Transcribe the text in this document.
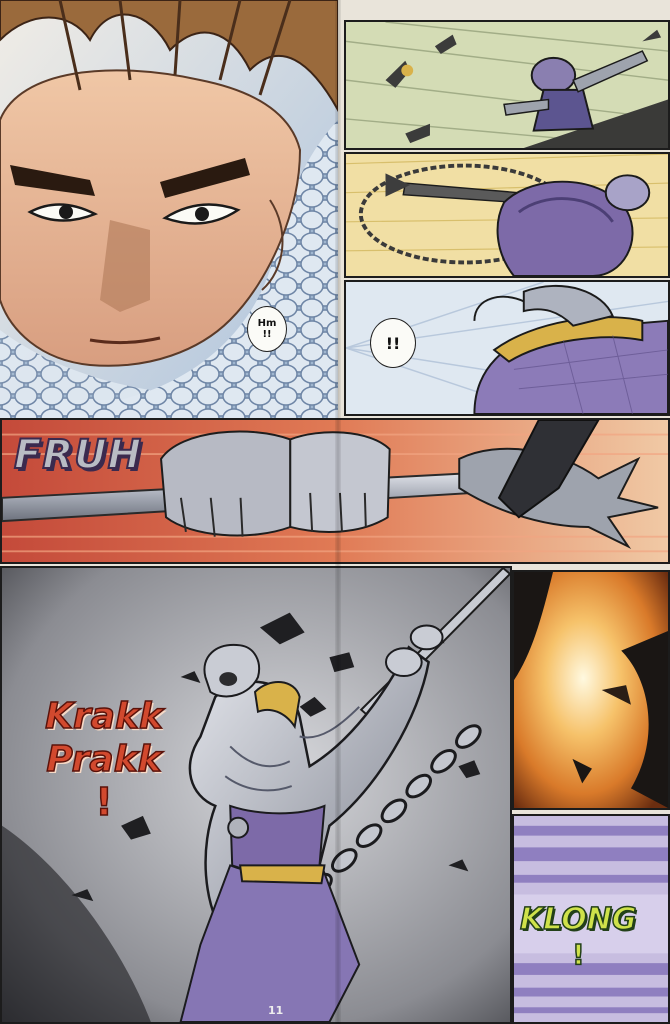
Hm
!!	!!
FRUH
Krakk
Prakk
!
KLONG
!
11
